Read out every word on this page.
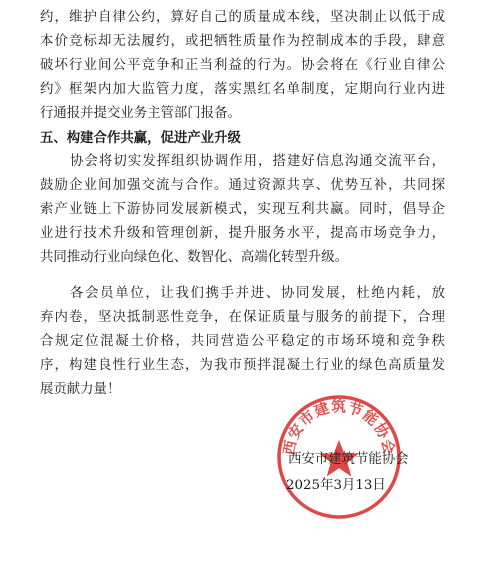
约，维护自律公约，算好自己的质量成本线，坚决制止以低于成
本价竞标却无法履约，或把牺牲质量作为控制成本的手段，肆意
破坏行业间公平竞争和正当利益的行为。协会将在《行业自律公
约》框架内加大监管力度，落实黑红名单制度，定期向行业内进
行通报并提交业务主管部门报备。
五、构建合作共赢，促进产业升级
协会将切实发挥组织协调作用，搭建好信息沟通交流平台，
鼓励企业间加强交流与合作。通过资源共享、优势互补，共同探
索产业链上下游协同发展新模式，实现互利共赢。同时，倡导企
业进行技术升级和管理创新，提升服务水平，提高市场竞争力，
共同推动行业向绿色化、数智化、高端化转型升级。
各会员单位，让我们携手并进、协同发展，杜绝内耗，放
弃内卷，坚决抵制恶性竞争，在保证质量与服务的前提下，合理
合规定位混凝土价格，共同营造公平稳定的市场环境和竞争秩
序，构建良性行业生态，为我市预拌混凝土行业的绿色高质量发
展贡献力量！
西安市建筑节能协会
西安市建筑节能协会
2025年3月13日
